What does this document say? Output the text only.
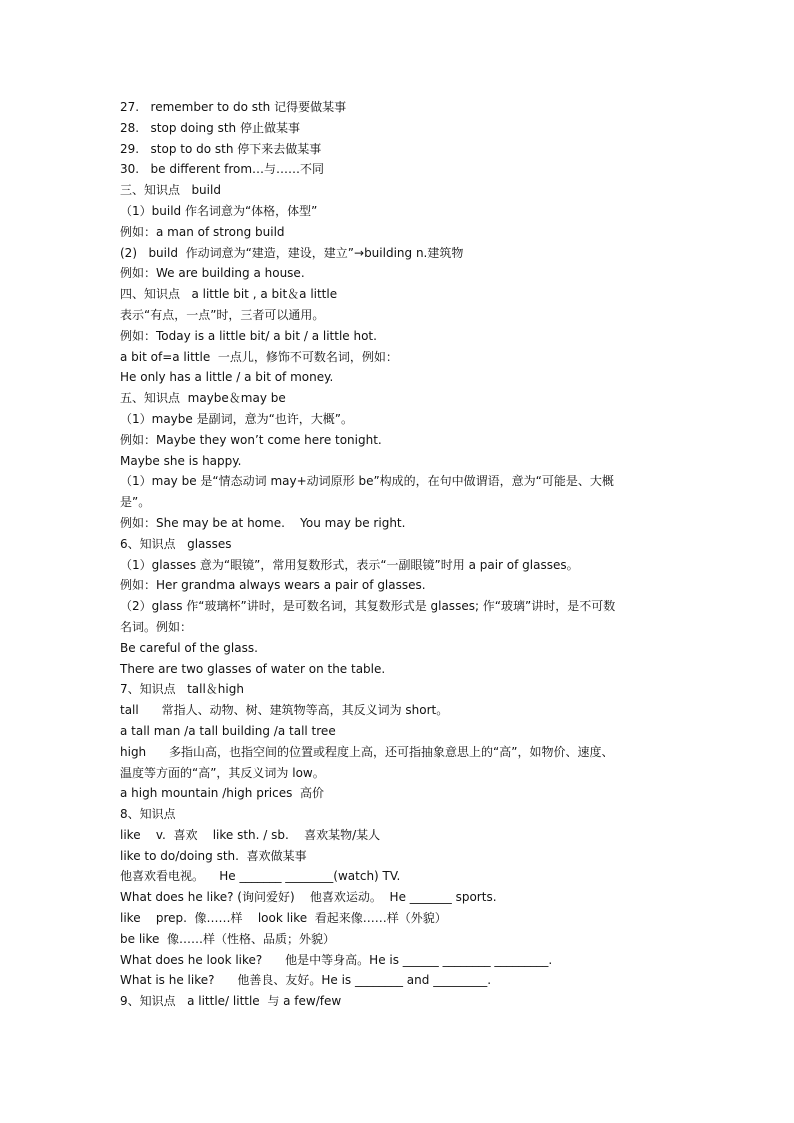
27.   remember to do sth 记得要做某事
28.   stop doing sth 停止做某事
29.   stop to do sth 停下来去做某事
30.   be different from…与……不同
三、知识点   build
（1）build 作名词意为“体格，体型”
例如：a man of strong build
(2)   build  作动词意为“建造，建设，建立”→building n.建筑物
例如：We are building a house.
四、知识点   a little bit , a bit＆a little
表示“有点，一点”时，三者可以通用。
例如：Today is a little bit/ a bit / a little hot.
a bit of=a little  一点儿，修饰不可数名词，例如：
He only has a little / a bit of money.
五、知识点  maybe＆may be
（1）maybe 是副词，意为“也许，大概”。
例如：Maybe they won’t come here tonight.
Maybe she is happy.
（1）may be 是“情态动词 may+动词原形 be”构成的，在句中做谓语，意为“可能是、大概
是”。
例如：She may be at home.    You may be right.
6、知识点   glasses
（1）glasses 意为“眼镜”，常用复数形式，表示“一副眼镜”时用 a pair of glasses。
例如：Her grandma always wears a pair of glasses.
（2）glass 作“玻璃杯”讲时，是可数名词，其复数形式是 glasses; 作“玻璃”讲时，是不可数
名词。例如：
Be careful of the glass.
There are two glasses of water on the table.
7、知识点   tall＆high
tall      常指人、动物、树、建筑物等高，其反义词为 short。
a tall man /a tall building /a tall tree
high      多指山高，也指空间的位置或程度上高，还可指抽象意思上的“高”，如物价、速度、
温度等方面的“高”，其反义词为 low。
a high mountain /high prices  高价
8、知识点
like    v.  喜欢    like sth. / sb.    喜欢某物/某人
like to do/doing sth.  喜欢做某事
他喜欢看电视。    He _______ ________(watch) TV.
What does he like? (询问爱好)    他喜欢运动。  He _______ sports.
like    prep.  像……样    look like  看起来像……样（外貌）
be like  像……样（性格、品质；外貌）
What does he look like?      他是中等身高。He is ______ ________ _________.
What is he like?      他善良、友好。He is ________ and _________.
9、知识点   a little/ little  与 a few/few
